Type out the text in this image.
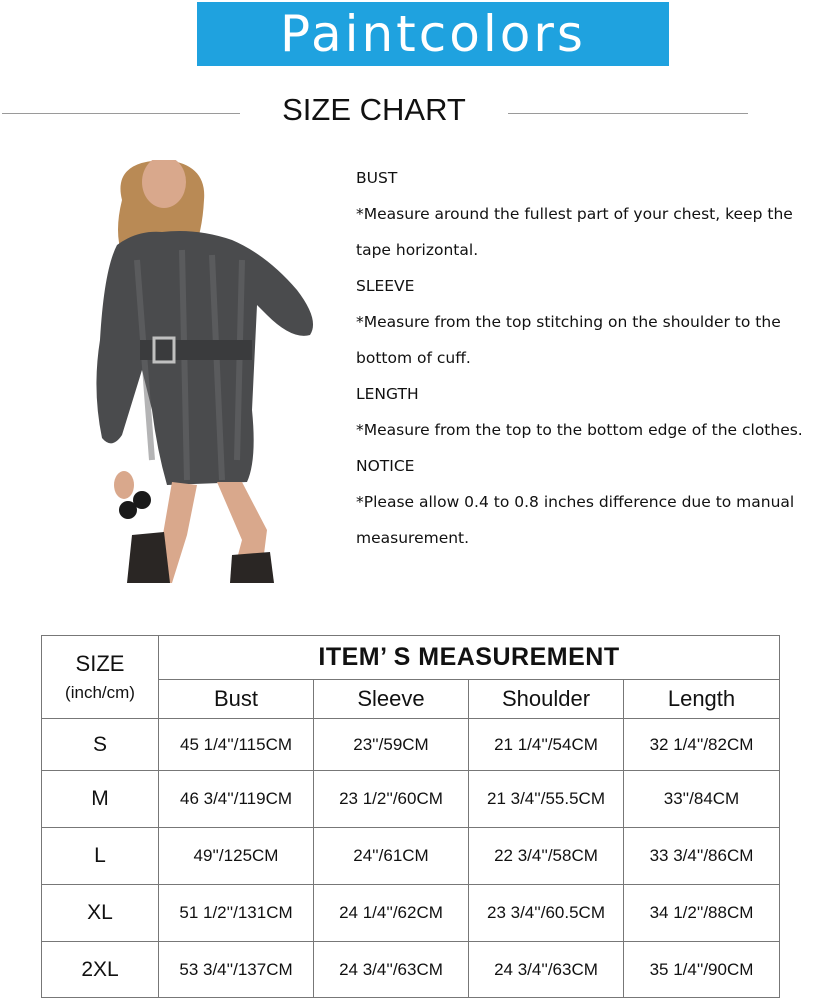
Paintcolors
SIZE CHART
BUST
*Measure around the fullest part of your chest, keep the
tape horizontal.
SLEEVE
*Measure from the top stitching on the shoulder to the
bottom of cuff.
LENGTH
*Measure from the top to the bottom edge of the clothes.
NOTICE
*Please allow 0.4 to 0.8 inches difference due to manual
measurement.
SIZE
(inch/cm)	ITEM’ S MEASUREMENT			
	Bust	Sleeve	Shoulder	Length
S	45 1/4''/115CM	23''/59CM	21 1/4''/54CM	32 1/4''/82CM
M	46 3/4''/119CM	23 1/2''/60CM	21 3/4''/55.5CM	33''/84CM
L	49''/125CM	24''/61CM	22 3/4''/58CM	33 3/4''/86CM
XL	51 1/2''/131CM	24 1/4''/62CM	23 3/4''/60.5CM	34 1/2''/88CM
2XL	53 3/4''/137CM	24 3/4''/63CM	24 3/4''/63CM	35 1/4''/90CM
